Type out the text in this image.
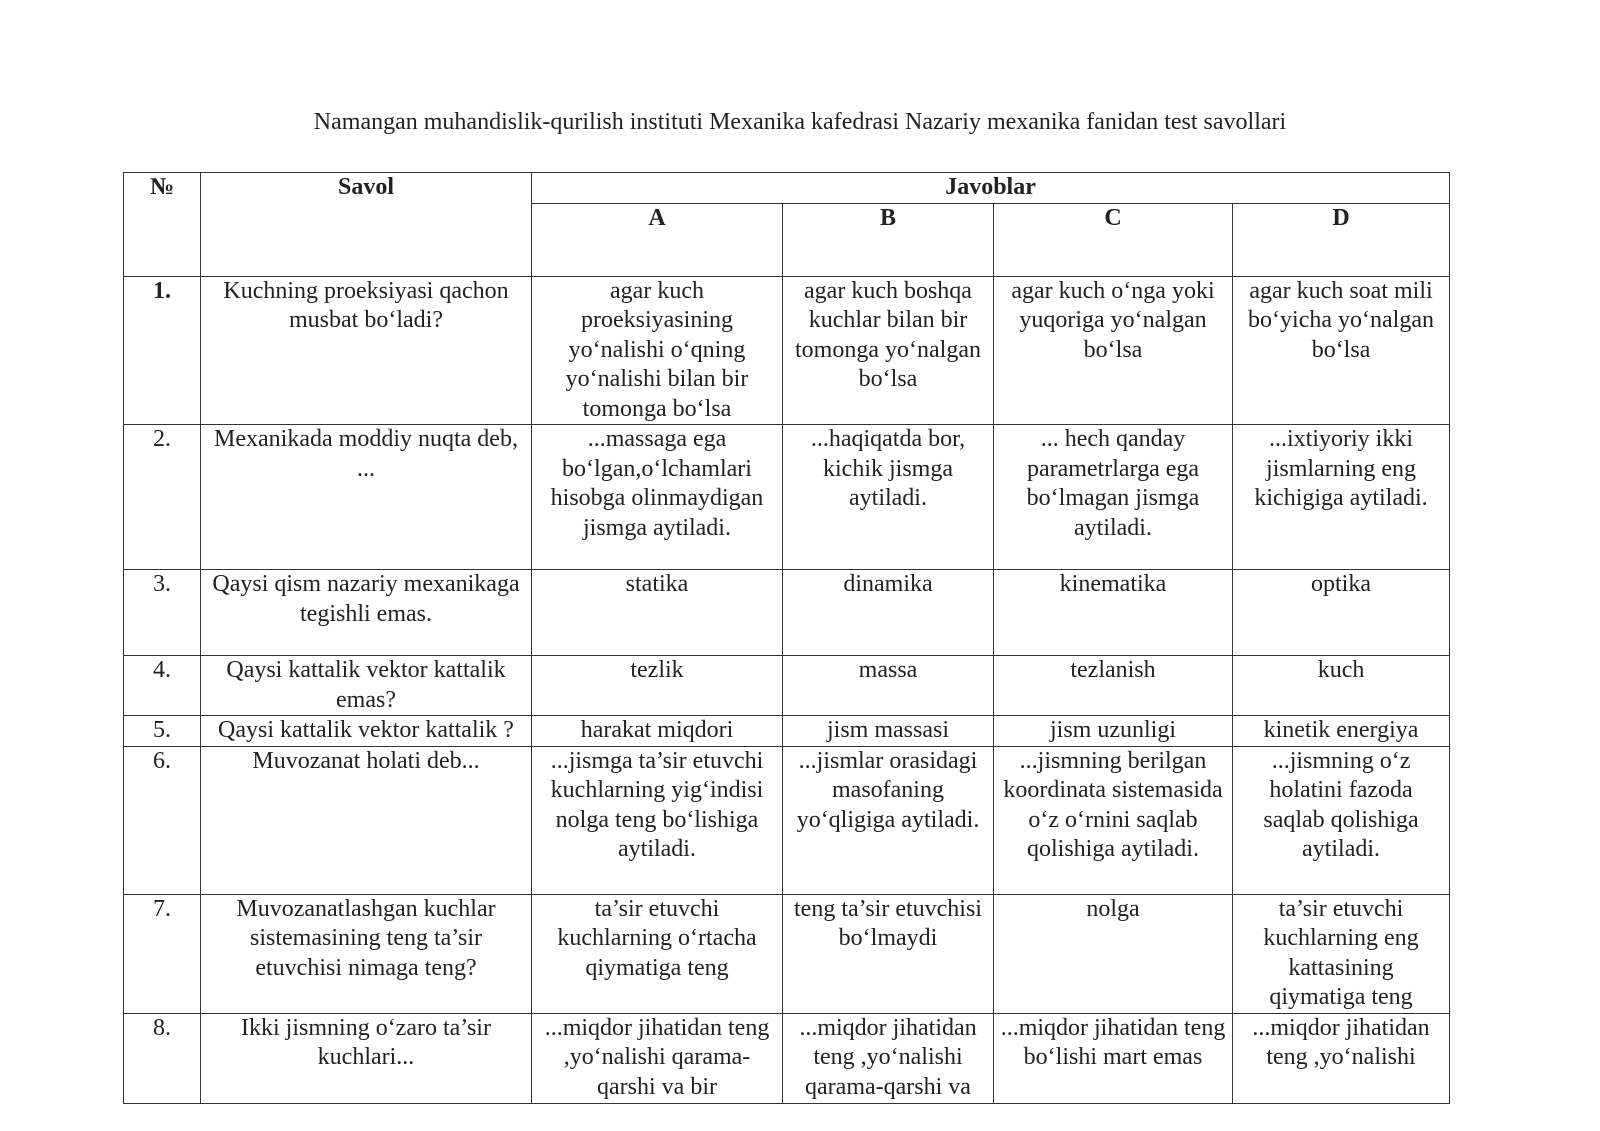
Namangan muhandislik-qurilish instituti Mexanika kafedrasi Nazariy mexanika fanidan test savollari
№	Savol	Javoblar			
		A	B	C	D
1.	Kuchning proeksiyasi qachon musbat bo‘ladi?	agar kuch proeksiyasining yo‘nalishi o‘qning yo‘nalishi bilan bir tomonga bo‘lsa	agar kuch boshqa kuchlar bilan bir tomonga yo‘nalgan bo‘lsa	agar kuch o‘nga yoki yuqoriga yo‘nalgan bo‘lsa	agar kuch soat mili bo‘yicha yo‘nalgan bo‘lsa
2.	Mexanikada moddiy nuqta deb, ...	...massaga ega bo‘lgan,o‘lchamlari hisobga olinmaydigan jismga aytiladi.	...haqiqatda bor, kichik jismga aytiladi.	... hech qanday parametrlarga ega bo‘lmagan jismga aytiladi.	...ixtiyoriy ikki jismlarning eng kichigiga aytiladi.
3.	Qaysi qism nazariy mexanikaga tegishli emas.	statika	dinamika	kinematika	optika
4.	Qaysi kattalik vektor kattalik emas?	tezlik	massa	tezlanish	kuch
5.	Qaysi kattalik vektor kattalik ?	harakat miqdori	jism massasi	jism uzunligi	kinetik energiya
6.	Muvozanat holati deb...	...jismga ta’sir etuvchi kuchlarning yig‘indisi nolga teng bo‘lishiga aytiladi.	...jismlar orasidagi masofaning yo‘qligiga aytiladi.	...jismning berilgan koordinata sistemasida o‘z o‘rnini saqlab qolishiga aytiladi.	...jismning o‘z holatini fazoda saqlab qolishiga aytiladi.
7.	Muvozanatlashgan kuchlar sistemasining teng ta’sir etuvchisi nimaga teng?	ta’sir etuvchi kuchlarning o‘rtacha qiymatiga teng	teng ta’sir etuvchisi bo‘lmaydi	nolga	ta’sir etuvchi kuchlarning eng kattasining qiymatiga teng
8.	Ikki jismning o‘zaro ta’sir kuchlari...	...miqdor jihatidan teng ,yo‘nalishi qarama-qarshi va bir	...miqdor jihatidan teng ,yo‘nalishi qarama-qarshi va	...miqdor jihatidan teng bo‘lishi mart emas	...miqdor jihatidan teng ,yo‘nalishi
